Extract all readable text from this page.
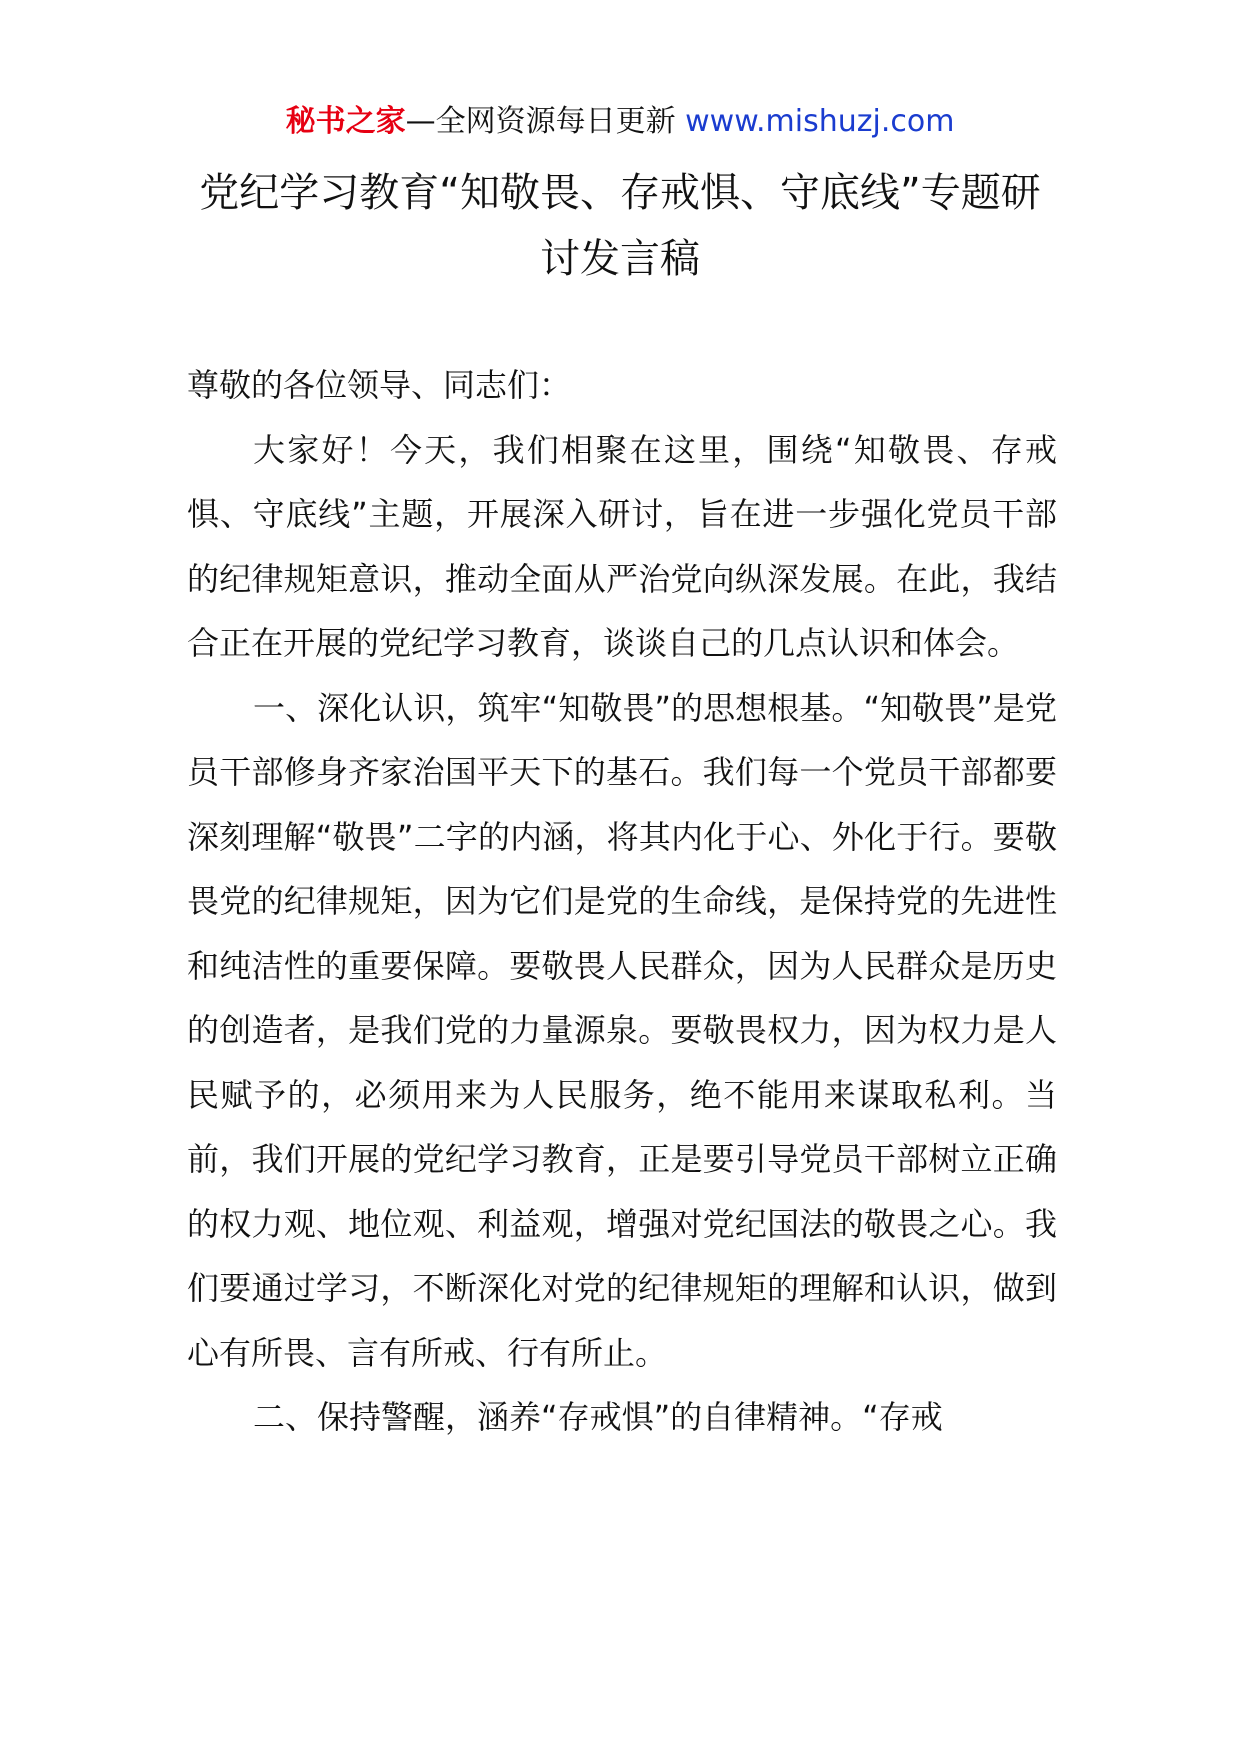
秘书之家—全网资源每日更新 www.mishuzj.com
党纪学习教育“知敬畏、存戒惧、守底线”专题研讨发言稿

尊敬的各位领导、同志们：

大家好！今天，我们相聚在这里，围绕“知敬畏、存戒惧、守底线”主题，开展深入研讨，旨在进一步强化党员干部的纪律规矩意识，推动全面从严治党向纵深发展。在此，我结合正在开展的党纪学习教育，谈谈自己的几点认识和体会。

一、深化认识，筑牢“知敬畏”的思想根基。“知敬畏”是党员干部修身齐家治国平天下的基石。我们每一个党员干部都要深刻理解“敬畏”二字的内涵，将其内化于心、外化于行。要敬畏党的纪律规矩，因为它们是党的生命线，是保持党的先进性和纯洁性的重要保障。要敬畏人民群众，因为人民群众是历史的创造者，是我们党的力量源泉。要敬畏权力，因为权力是人民赋予的，必须用来为人民服务，绝不能用来谋取私利。当前，我们开展的党纪学习教育，正是要引导党员干部树立正确的权力观、地位观、利益观，增强对党纪国法的敬畏之心。我们要通过学习，不断深化对党的纪律规矩的理解和认识，做到心有所畏、言有所戒、行有所止。

二、保持警醒，涵养“存戒惧”的自律精神。“存戒
